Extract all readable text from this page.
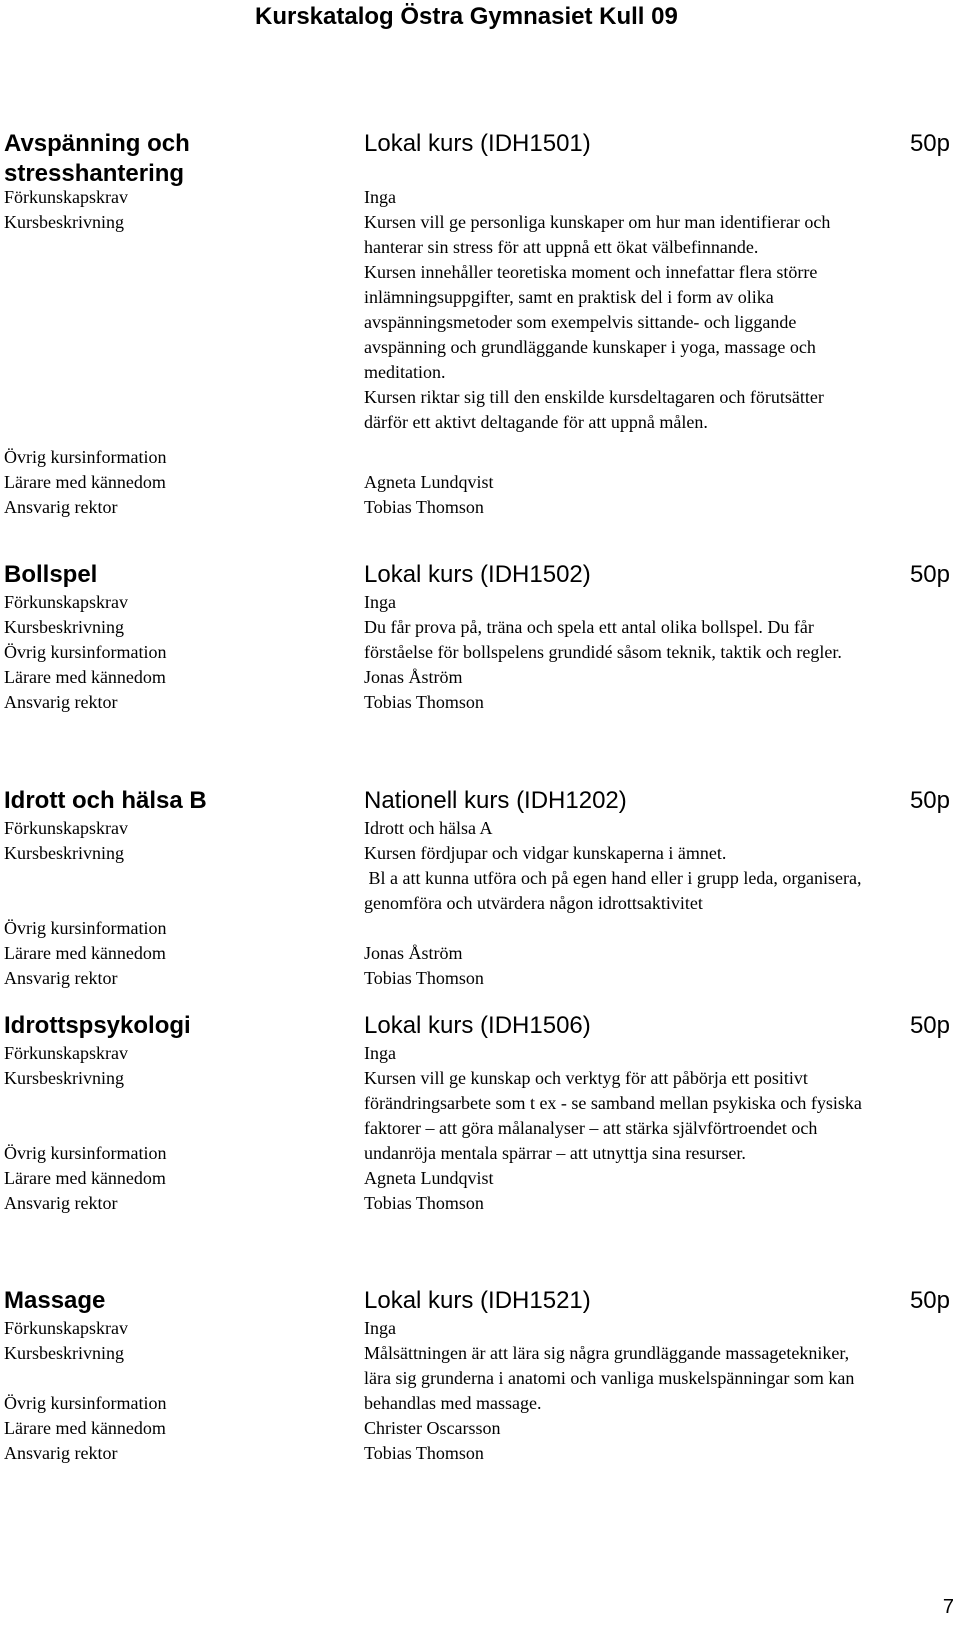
Kurskatalog Östra Gymnasiet Kull 09
Avspänning och
stresshantering
Lokal kurs (IDH1501)	50p
Förkunskapskrav	Inga
Kursbeskrivning	Kursen vill ge personliga kunskaper om hur man identifierar och hanterar sin stress för att uppnå ett ökat välbefinnande.
Kursen innehåller teoretiska moment och innefattar flera större inlämningsuppgifter, samt en praktisk del i form av olika avspänningsmetoder som exempelvis sittande- och liggande avspänning och grundläggande kunskaper i yoga, massage och meditation.
Kursen riktar sig till den enskilde kursdeltagaren och förutsätter därför ett aktivt deltagande för att uppnå målen.
Övrig kursinformation
Lärare med kännedom	Agneta Lundqvist
Ansvarig rektor	Tobias Thomson
Bollspel	Lokal kurs (IDH1502)	50p
Förkunskapskrav	Inga
Kursbeskrivning	Du får prova på, träna och spela ett antal olika bollspel. Du får förståelse för bollspelens grundidé såsom teknik, taktik och regler.
Övrig kursinformation
Lärare med kännedom	Jonas Åström
Ansvarig rektor	Tobias Thomson
Idrott och hälsa B	Nationell kurs (IDH1202)	50p
Förkunskapskrav	Idrott och hälsa A
Kursbeskrivning	Kursen fördjupar och vidgar kunskaperna i ämnet.
Bl a att kunna utföra och på egen hand eller i grupp leda, organisera, genomföra och utvärdera någon idrottsaktivitet
Övrig kursinformation
Lärare med kännedom	Jonas Åström
Ansvarig rektor	Tobias Thomson
Idrottspsykologi	Lokal kurs (IDH1506)	50p
Förkunskapskrav	Inga
Kursbeskrivning	Kursen vill ge kunskap och verktyg för att påbörja ett positivt förändringsarbete som t ex - se samband mellan psykiska och fysiska faktorer – att göra målanalyser – att stärka självförtroendet och undanröja mentala spärrar – att utnyttja sina resurser.
Övrig kursinformation
Lärare med kännedom	Agneta Lundqvist
Ansvarig rektor	Tobias Thomson
Massage	Lokal kurs (IDH1521)	50p
Förkunskapskrav	Inga
Kursbeskrivning	Målsättningen är att lära sig några grundläggande massagetekniker, lära sig grunderna i anatomi och vanliga muskelspänningar som kan behandlas med massage.
Övrig kursinformation
Lärare med kännedom	Christer Oscarsson
Ansvarig rektor	Tobias Thomson
7
